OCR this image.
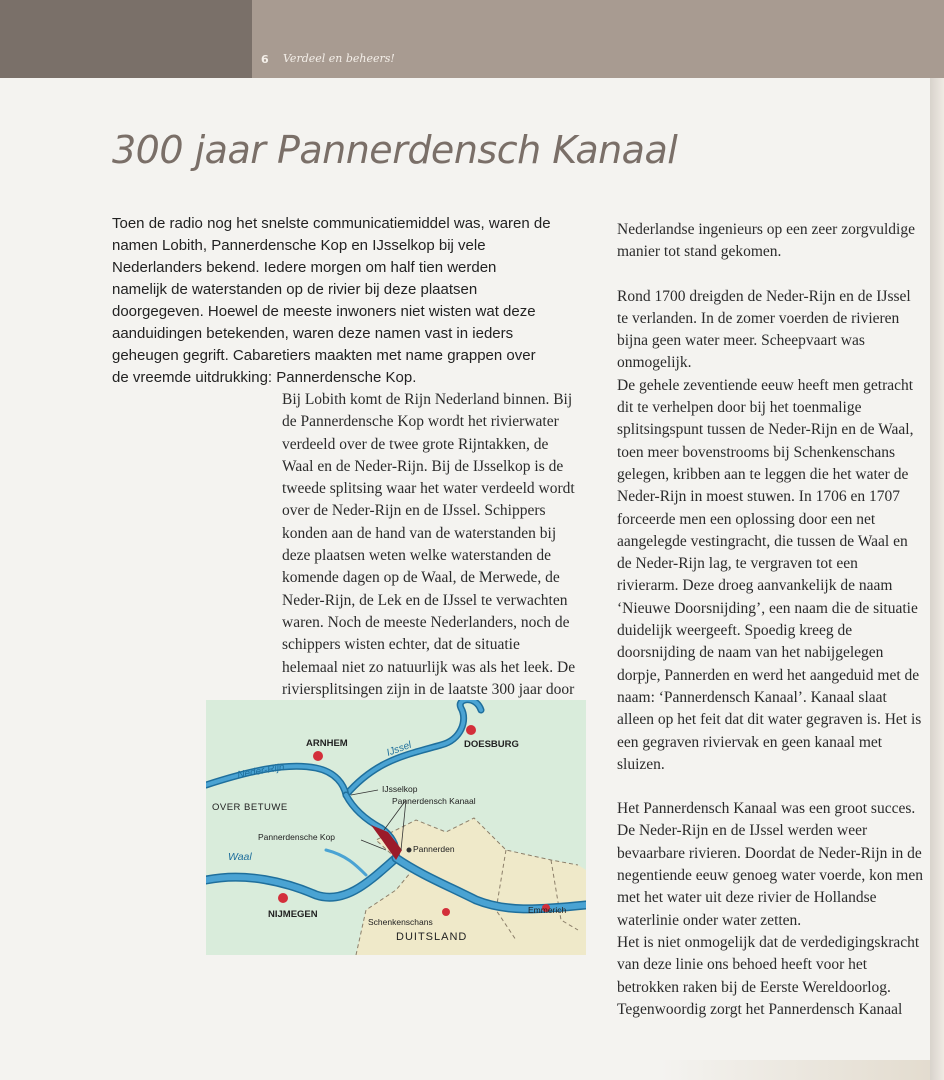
6 Verdeel en beheers!
300 jaar Pannerdensch Kanaal
Toen de radio nog het snelste communicatiemiddel was, waren de namen Lobith, Pannerdensche Kop en IJsselkop bij vele Nederlanders bekend. Iedere morgen om half tien werden namelijk de waterstanden op de rivier bij deze plaatsen doorgegeven. Hoewel de meeste inwoners niet wisten wat deze aanduidingen betekenden, waren deze namen vast in ieders geheugen gegrift. Cabaretiers maakten met name grappen over de vreemde uitdrukking: Pannerdensche Kop.

Bij Lobith komt de Rijn Nederland binnen. Bij de Pannerdensche Kop wordt het rivierwater verdeeld over de twee grote Rijntakken, de Waal en de Neder-Rijn. Bij de IJsselkop is de tweede splitsing waar het water verdeeld wordt over de Neder-Rijn en de IJssel. Schippers konden aan de hand van de waterstanden bij deze plaatsen weten welke waterstanden de komende dagen op de Waal, de Merwede, de Neder-Rijn, de Lek en de IJssel te verwachten waren. Noch de meeste Nederlanders, noch de schippers wisten echter, dat de situatie helemaal niet zo natuurlijk was als het leek. De riviersplitsingen zijn in de laatste 300 jaar door

Nederlandse ingenieurs op een zeer zorgvuldige manier tot stand gekomen.

Rond 1700 dreigden de Neder-Rijn en de IJssel te verlanden. In de zomer voerden de rivieren bijna geen water meer. Scheepvaart was onmogelijk.

De gehele zeventiende eeuw heeft men getracht dit te verhelpen door bij het toenmalige splitsingspunt tussen de Neder-Rijn en de Waal, toen meer bovenstrooms bij Schenkenschans gelegen, kribben aan te leggen die het water de Neder-Rijn in moest stuwen. In 1706 en 1707 forceerde men een oplossing door een net aangelegde vestingracht, die tussen de Waal en de Neder-Rijn lag, te vergraven tot een rivierarm. Deze droeg aanvankelijk de naam ‘Nieuwe Doorsnijding’, een naam die de situatie duidelijk weergeeft. Spoedig kreeg de doorsnijding de naam van het nabijgelegen dorpje, Pannerden en werd het aangeduid met de naam: ‘Pannerdensch Kanaal’. Kanaal slaat alleen op het feit dat dit water gegraven is. Het is een gegraven riviervak en geen kanaal met sluizen.

Het Pannerdensch Kanaal was een groot succes. De Neder-Rijn en de IJssel werden weer bevaarbare rivieren. Doordat de Neder-Rijn in de negentiende eeuw genoeg water voerde, kon men met het water uit deze rivier de Hollandse waterlinie onder water zetten.

Het is niet onmogelijk dat de verdedigingskracht van deze linie ons behoed heeft voor het betrokken raken bij de Eerste Wereldoorlog. Tegenwoordig zorgt het Pannerdensch Kanaal

ARNHEM	DOESBURG
IJssel
Neder-Rijn
IJsselkop
Pannerdensch Kanaal
OVER BETUWE
Pannerdensche Kop
Pannerden
Waal
NIJMEGEN
Schenkenschans
Emmerich
DUITSLAND
